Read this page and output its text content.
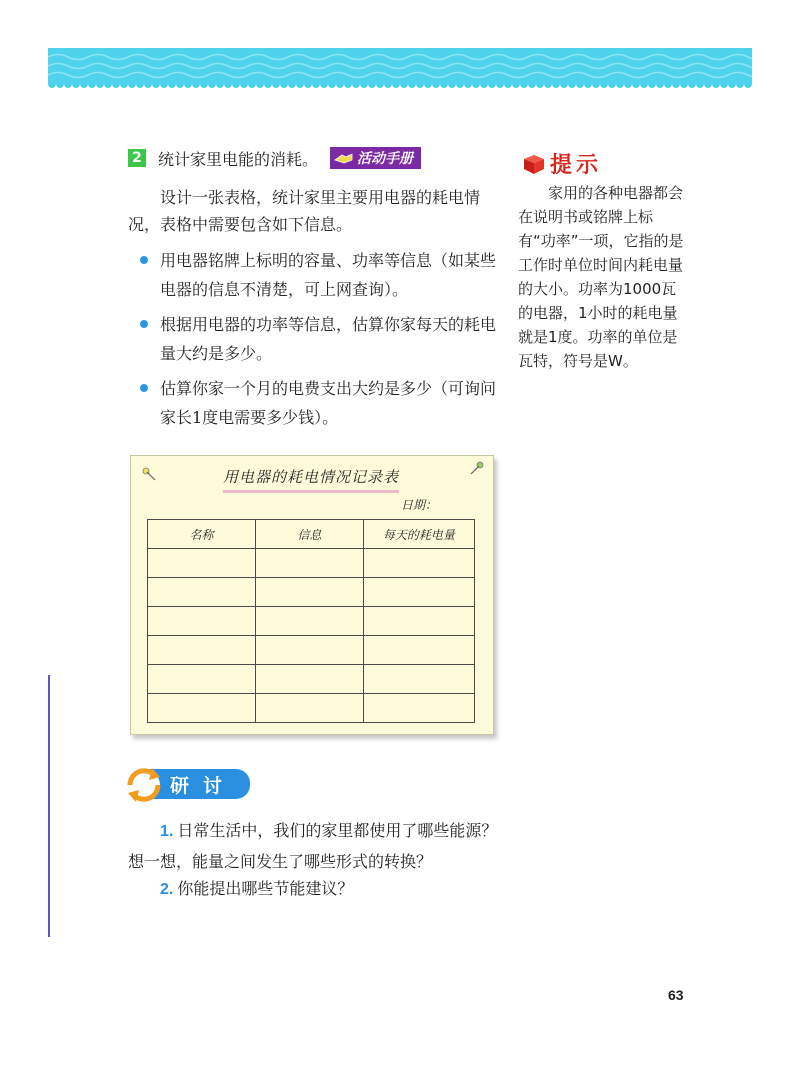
2 统计家里电能的消耗。	活动手册
设计一张表格，统计家里主要用电器的耗电情况，表格中需要包含如下信息。
用电器铭牌上标明的容量、功率等信息（如某些电器的信息不清楚，可上网查询）。
根据用电器的功率等信息，估算你家每天的耗电量大约是多少。
估算你家一个月的电费支出大约是多少（可询问家长1度电需要多少钱）。
提示
家用的各种电器都会在说明书或铭牌上标有“功率”一项，它指的是工作时单位时间内耗电量的大小。功率为1000瓦的电器，1小时的耗电量就是1度。功率的单位是瓦特，符号是W。
用电器的耗电情况记录表
日期：
名称	信息	每天的耗电量

研讨
1. 日常生活中，我们的家里都使用了哪些能源？想一想，能量之间发生了哪些形式的转换？
2. 你能提出哪些节能建议？
63
